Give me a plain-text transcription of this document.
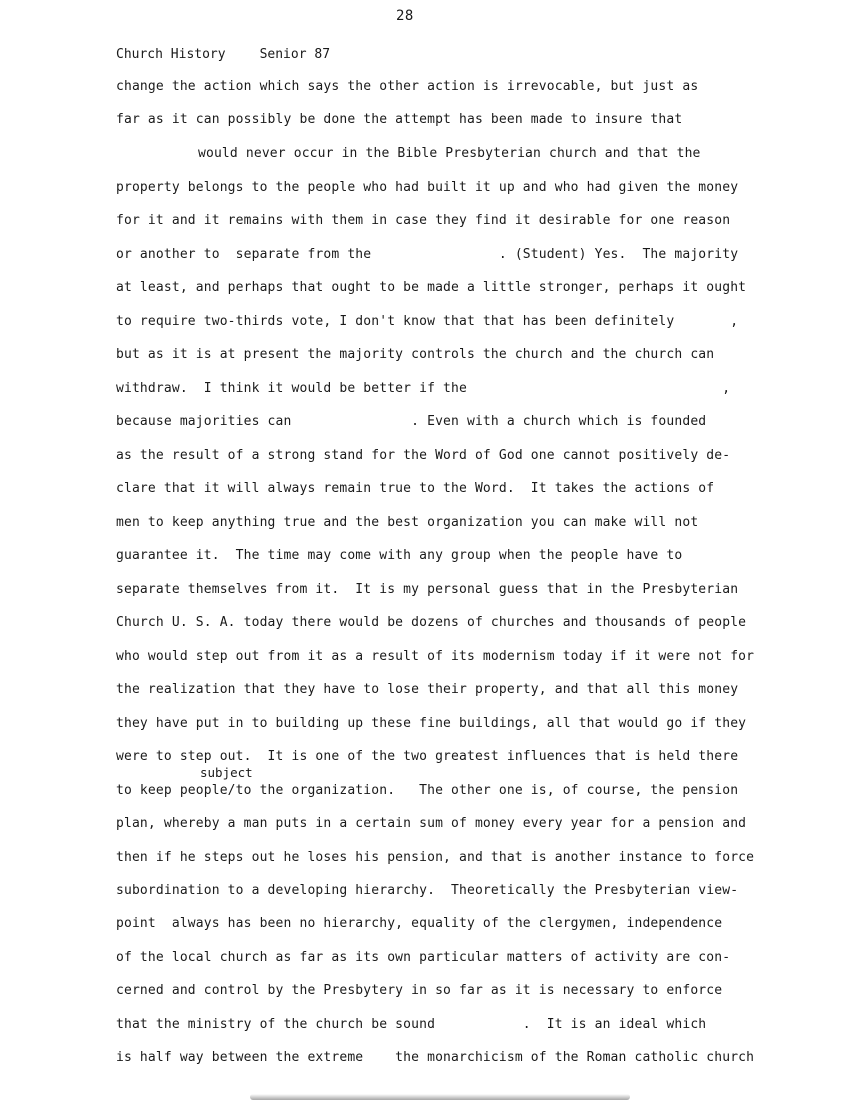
28
Church History	Senior 87
change the action which says the other action is irrevocable, but just as
far as it can possibly be done the attempt has been made to insure that
would never occur in the Bible Presbyterian church and that the
property belongs to the people who had built it up and who had given the money
for it and it remains with them in case they find it desirable for one reason
or another to  separate from the                . (Student) Yes.  The majority
at least, and perhaps that ought to be made a little stronger, perhaps it ought
to require two-thirds vote, I don't know that that has been definitely       ,
but as it is at present the majority controls the church and the church can
withdraw.  I think it would be better if the                                ,
because majorities can               . Even with a church which is founded
as the result of a strong stand for the Word of God one cannot positively de-
clare that it will always remain true to the Word.  It takes the actions of
men to keep anything true and the best organization you can make will not
guarantee it.  The time may come with any group when the people have to
separate themselves from it.  It is my personal guess that in the Presbyterian
Church U. S. A. today there would be dozens of churches and thousands of people
who would step out from it as a result of its modernism today if it were not for
the realization that they have to lose their property, and that all this money
they have put in to building up these fine buildings, all that would go if they
were to step out.  It is one of the two greatest influences that is held there
subject
to keep people/to the organization.   The other one is, of course, the pension
plan, whereby a man puts in a certain sum of money every year for a pension and
then if he steps out he loses his pension, and that is another instance to force
subordination to a developing hierarchy.  Theoretically the Presbyterian view-
point  always has been no hierarchy, equality of the clergymen, independence
of the local church as far as its own particular matters of activity are con-
cerned and control by the Presbytery in so far as it is necessary to enforce
that the ministry of the church be sound           .  It is an ideal which
is half way between the extreme    the monarchicism of the Roman catholic church
